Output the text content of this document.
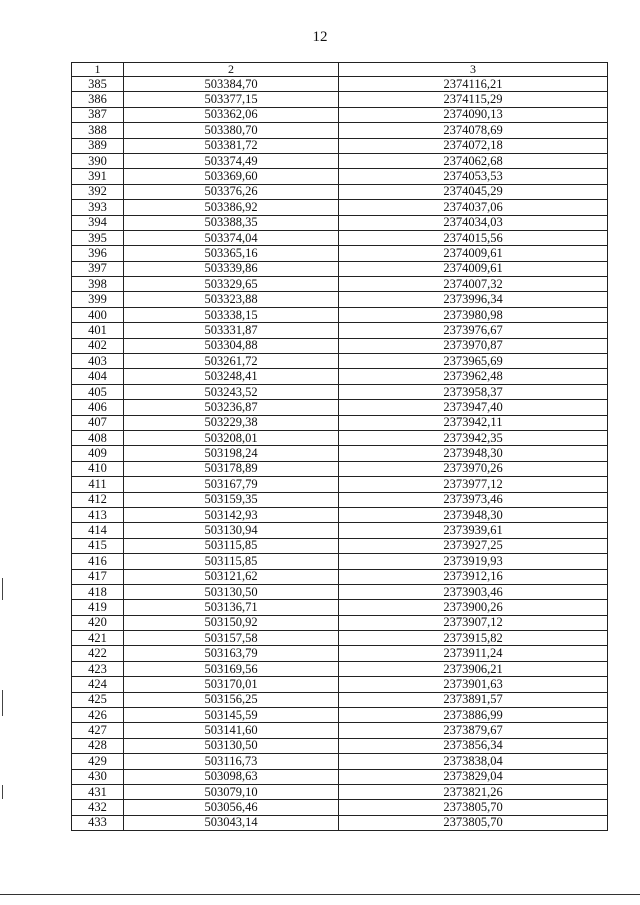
12
1	2	3
385	503384,70	2374116,21
386	503377,15	2374115,29
387	503362,06	2374090,13
388	503380,70	2374078,69
389	503381,72	2374072,18
390	503374,49	2374062,68
391	503369,60	2374053,53
392	503376,26	2374045,29
393	503386,92	2374037,06
394	503388,35	2374034,03
395	503374,04	2374015,56
396	503365,16	2374009,61
397	503339,86	2374009,61
398	503329,65	2374007,32
399	503323,88	2373996,34
400	503338,15	2373980,98
401	503331,87	2373976,67
402	503304,88	2373970,87
403	503261,72	2373965,69
404	503248,41	2373962,48
405	503243,52	2373958,37
406	503236,87	2373947,40
407	503229,38	2373942,11
408	503208,01	2373942,35
409	503198,24	2373948,30
410	503178,89	2373970,26
411	503167,79	2373977,12
412	503159,35	2373973,46
413	503142,93	2373948,30
414	503130,94	2373939,61
415	503115,85	2373927,25
416	503115,85	2373919,93
417	503121,62	2373912,16
418	503130,50	2373903,46
419	503136,71	2373900,26
420	503150,92	2373907,12
421	503157,58	2373915,82
422	503163,79	2373911,24
423	503169,56	2373906,21
424	503170,01	2373901,63
425	503156,25	2373891,57
426	503145,59	2373886,99
427	503141,60	2373879,67
428	503130,50	2373856,34
429	503116,73	2373838,04
430	503098,63	2373829,04
431	503079,10	2373821,26
432	503056,46	2373805,70
433	503043,14	2373805,70
